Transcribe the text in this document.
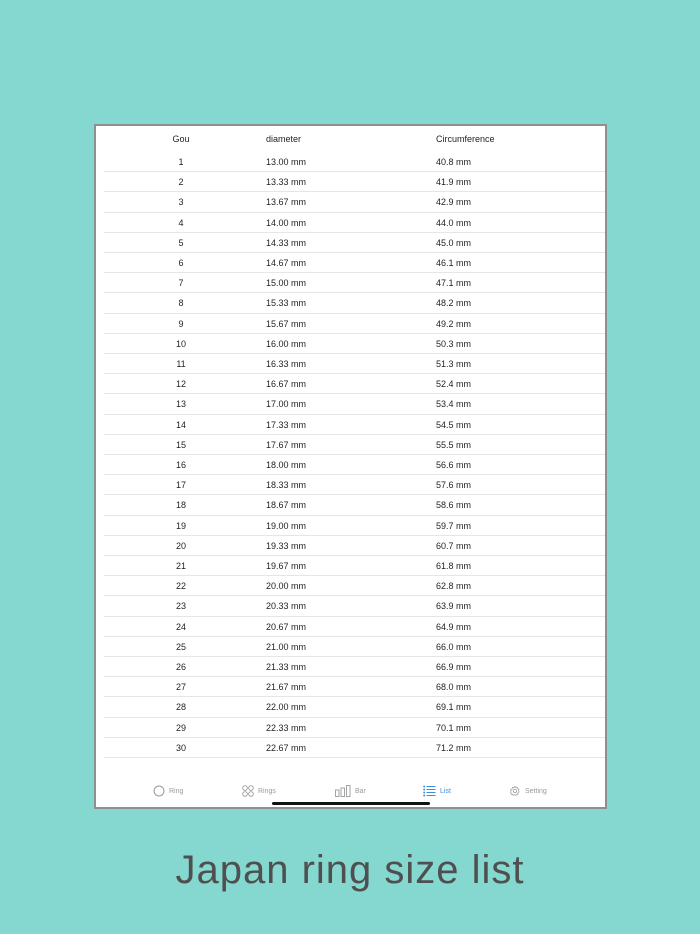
Gou	diameter	Circumference
1	13.00 mm	40.8 mm
2	13.33 mm	41.9 mm
3	13.67 mm	42.9 mm
4	14.00 mm	44.0 mm
5	14.33 mm	45.0 mm
6	14.67 mm	46.1 mm
7	15.00 mm	47.1 mm
8	15.33 mm	48.2 mm
9	15.67 mm	49.2 mm
10	16.00 mm	50.3 mm
11	16.33 mm	51.3 mm
12	16.67 mm	52.4 mm
13	17.00 mm	53.4 mm
14	17.33 mm	54.5 mm
15	17.67 mm	55.5 mm
16	18.00 mm	56.6 mm
17	18.33 mm	57.6 mm
18	18.67 mm	58.6 mm
19	19.00 mm	59.7 mm
20	19.33 mm	60.7 mm
21	19.67 mm	61.8 mm
22	20.00 mm	62.8 mm
23	20.33 mm	63.9 mm
24	20.67 mm	64.9 mm
25	21.00 mm	66.0 mm
26	21.33 mm	66.9 mm
27	21.67 mm	68.0 mm
28	22.00 mm	69.1 mm
29	22.33 mm	70.1 mm
30	22.67 mm	71.2 mm
Ring	Rings	Bar	List	Setting
Japan ring size list
